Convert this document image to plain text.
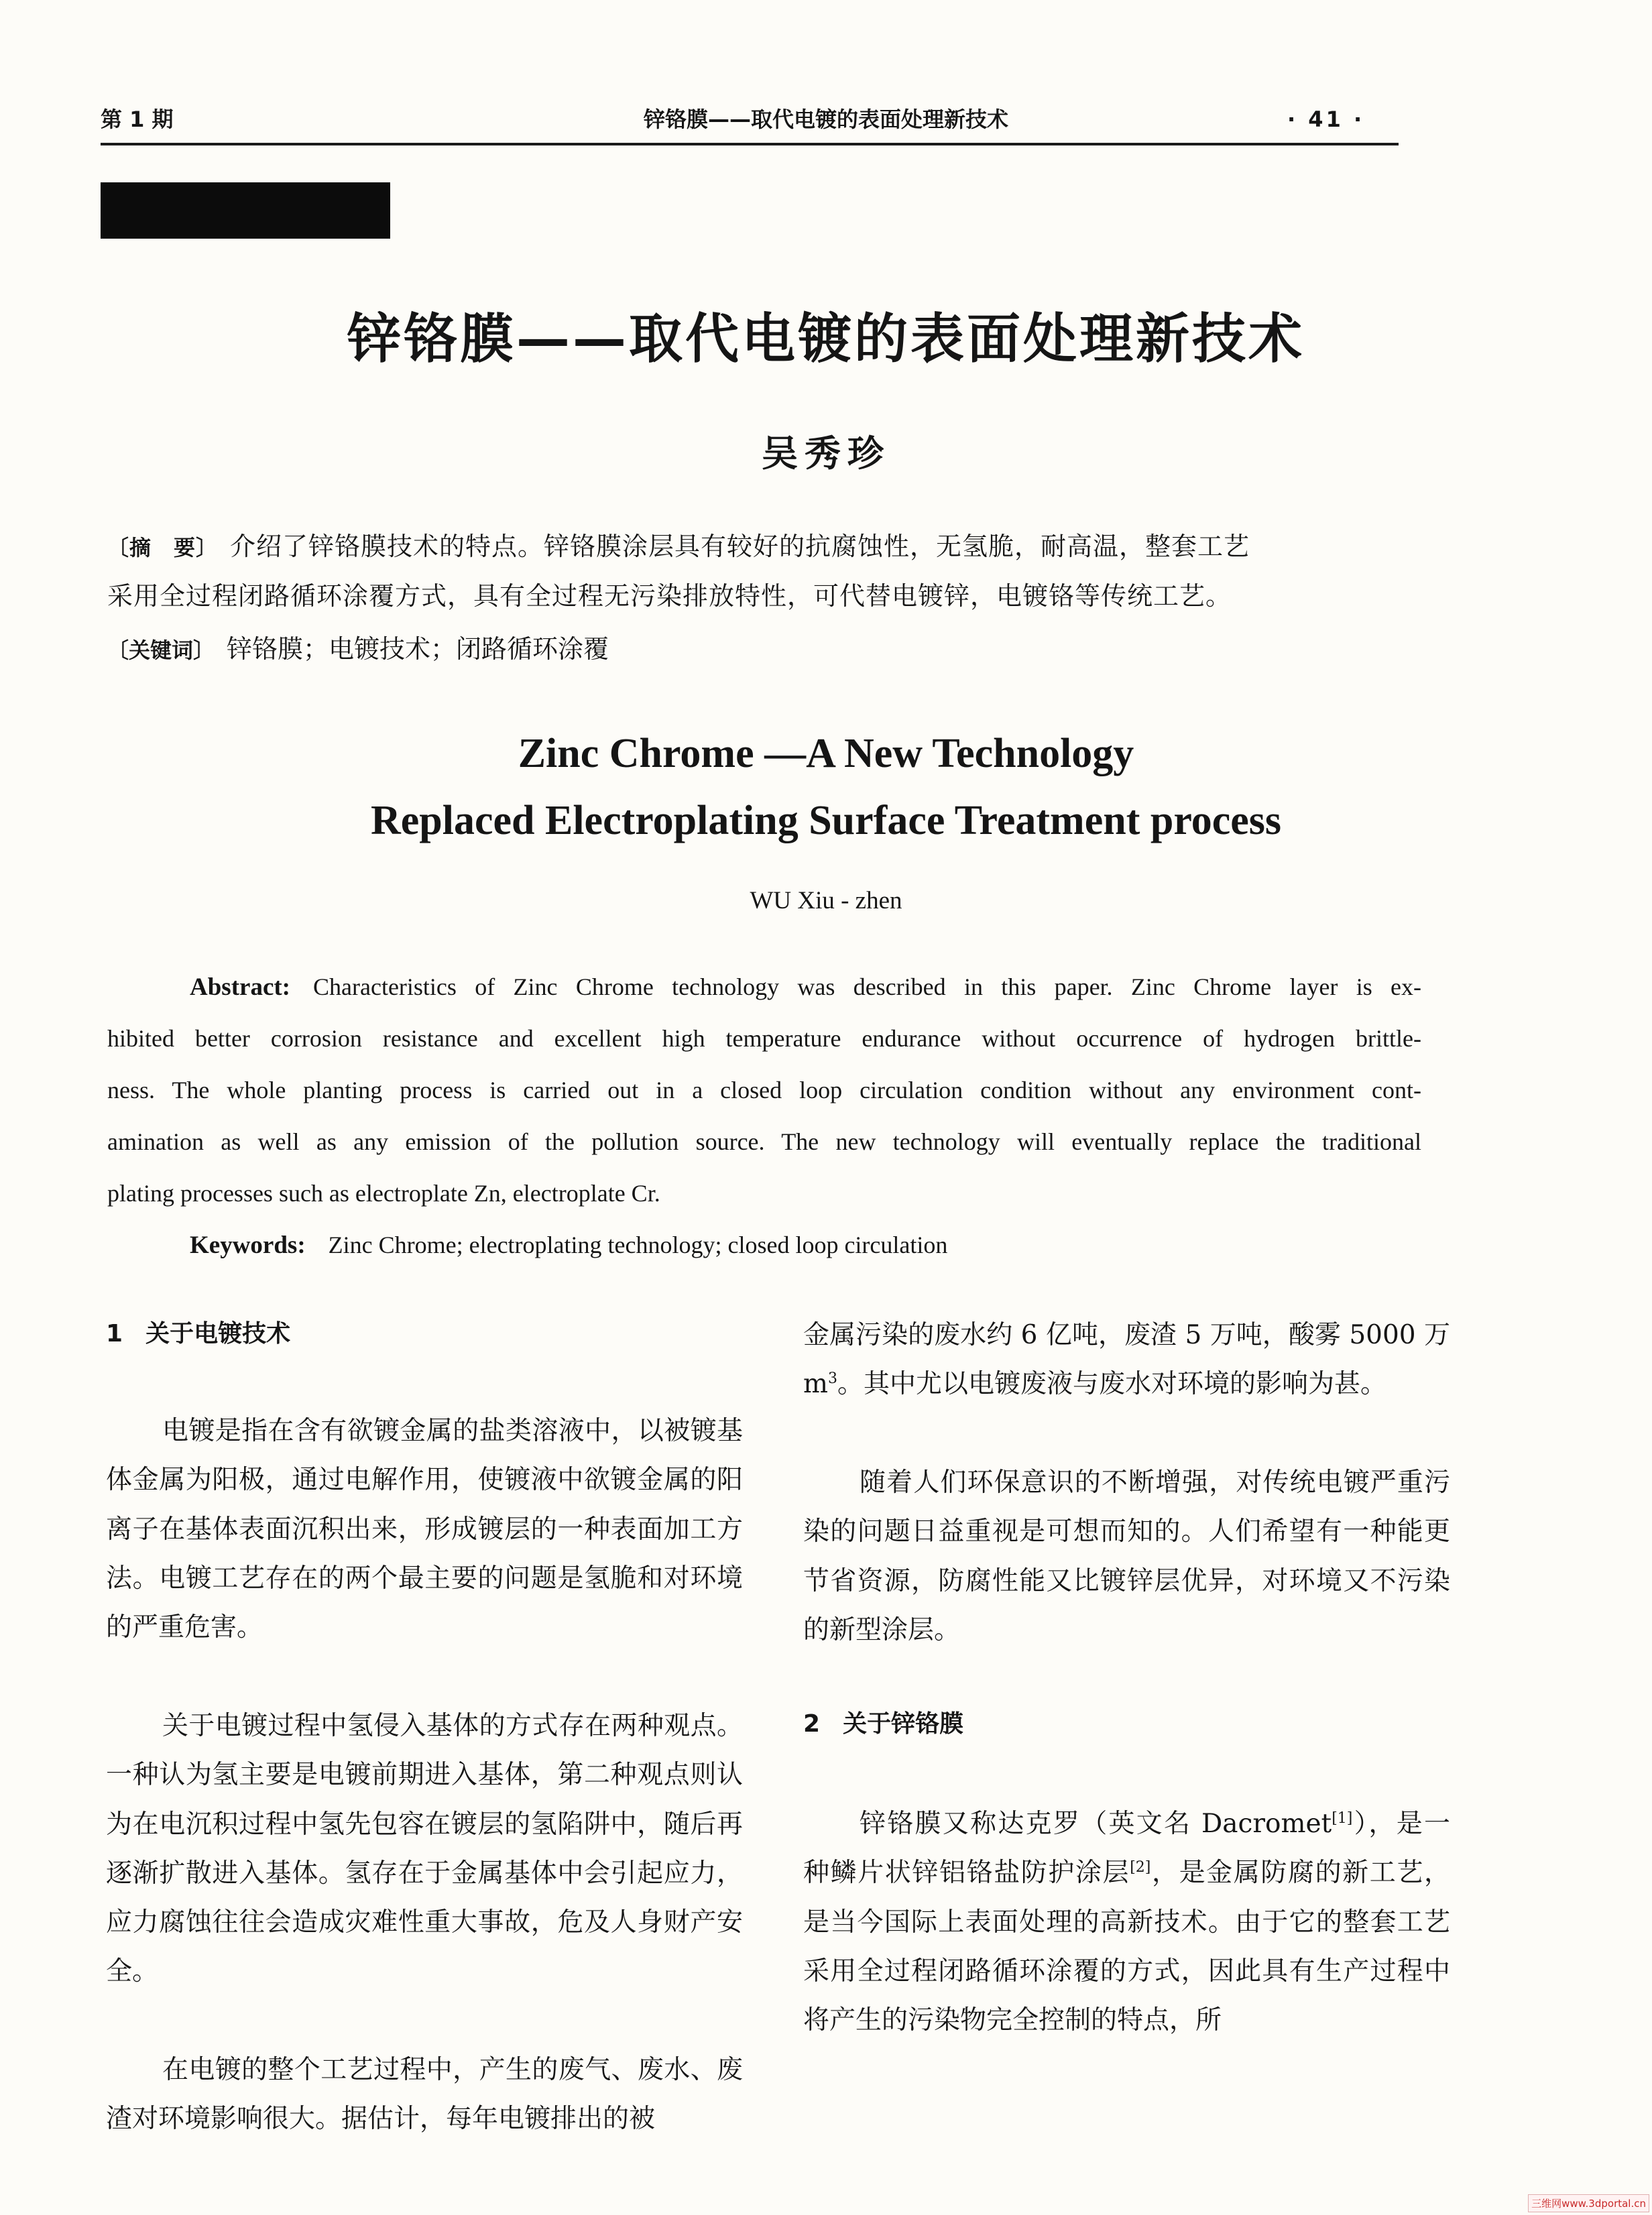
第 1 期	锌铬膜——取代电镀的表面处理新技术	· 41 ·
锌铬膜——取代电镀的表面处理新技术
吴秀珍
〔摘　要〕 介绍了锌铬膜技术的特点。锌铬膜涂层具有较好的抗腐蚀性，无氢脆，耐高温，整套工艺
采用全过程闭路循环涂覆方式，具有全过程无污染排放特性，可代替电镀锌，电镀铬等传统工艺。
〔关键词〕 锌铬膜；电镀技术；闭路循环涂覆
Zinc Chrome —A New Technology
Replaced Electroplating Surface Treatment process
WU Xiu - zhen
Abstract: Characteristics of Zinc Chrome technology was described in this paper. Zinc Chrome layer is ex-
hibited better corrosion resistance and excellent high temperature endurance without occurrence of hydrogen brittle-
ness. The whole planting process is carried out in a closed loop circulation condition without any environment cont-
amination as well as any emission of the pollution source. The new technology will eventually replace the traditional
plating processes such as electroplate Zn, electroplate Cr.
Keywords: Zinc Chrome; electroplating technology; closed loop circulation
1 关于电镀技术
电镀是指在含有欲镀金属的盐类溶液中，以被镀基体金属为阳极，通过电解作用，使镀液中欲镀金属的阳离子在基体表面沉积出来，形成镀层的一种表面加工方法。电镀工艺存在的两个最主要的问题是氢脆和对环境的严重危害。
关于电镀过程中氢侵入基体的方式存在两种观点。一种认为氢主要是电镀前期进入基体，第二种观点则认为在电沉积过程中氢先包容在镀层的氢陷阱中，随后再逐渐扩散进入基体。氢存在于金属基体中会引起应力，应力腐蚀往往会造成灾难性重大事故，危及人身财产安全。
在电镀的整个工艺过程中，产生的废气、废水、废渣对环境影响很大。据估计，每年电镀排出的被
金属污染的废水约 6 亿吨，废渣 5 万吨，酸雾 5000 万 $m^3$。其中尤以电镀废液与废水对环境的影响为甚。
随着人们环保意识的不断增强，对传统电镀严重污染的问题日益重视是可想而知的。人们希望有一种能更节省资源，防腐性能又比镀锌层优异，对环境又不污染的新型涂层。
2 关于锌铬膜
锌铬膜又称达克罗（英文名 Dacromet[1]），是一种鳞片状锌铝铬盐防护涂层[2]，是金属防腐的新工艺，是当今国际上表面处理的高新技术。由于它的整套工艺采用全过程闭路循环涂覆的方式，因此具有生产过程中将产生的污染物完全控制的特点，所
三维网www.3dportal.cn
